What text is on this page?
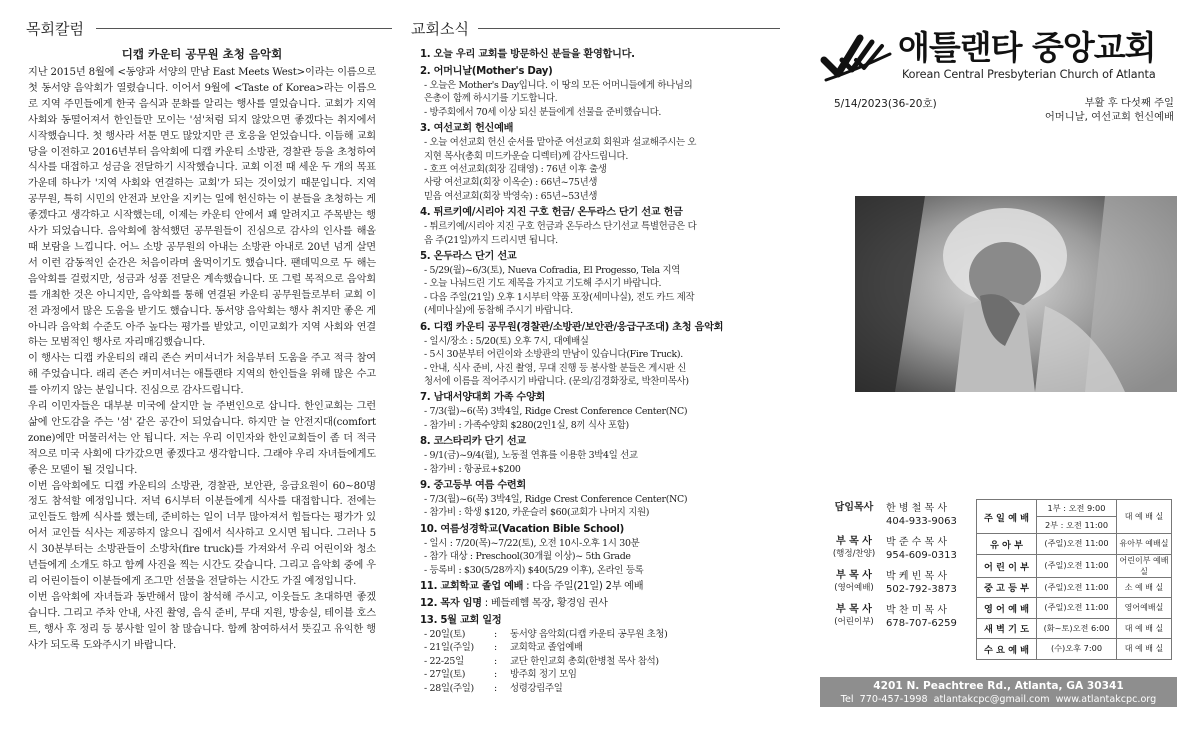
목회칼럼	교회소식
디캡 카운티 공무원 초청 음악회

지난 2015년 8월에 <동양과 서양의 만남 East Meets West>이라는 이름으로 첫 동서양 음악회가 열렸습니다. 이어서 9월에 <Taste of Korea>라는 이름으로 지역 주민들에게 한국 음식과 문화를 알리는 행사를 열었습니다. 교회가 지역 사회와 동떨어져서 한인들만 모이는 '섬'처럼 되지 않았으면 좋겠다는 취지에서 시작했습니다. 첫 행사라 서툰 면도 많았지만 큰 호응을 얻었습니다. 이듬해 교회당을 이전하고 2016년부터 음악회에 디캡 카운티 소방관, 경찰관 등을 초청하여 식사를 대접하고 성금을 전달하기 시작했습니다. 교회 이전 때 세운 두 개의 목표 가운데 하나가 '지역 사회와 연결하는 교회'가 되는 것이었기 때문입니다. 지역 공무원, 특히 시민의 안전과 보안을 지키는 일에 헌신하는 이 분들을 초청하는 게 좋겠다고 생각하고 시작했는데, 이제는 카운티 안에서 꽤 알려지고 주목받는 행사가 되었습니다. 음악회에 참석했던 공무원들이 진심으로 감사의 인사를 해올 때 보람을 느낍니다. 어느 소방 공무원의 아내는 소방관 아내로 20년 넘게 살면서 이런 감동적인 순간은 처음이라며 울먹이기도 했습니다. 팬데믹으로 두 해는 음악회를 걸렀지만, 성금과 성품 전달은 계속했습니다. 또 그럴 목적으로 음악회를 개최한 것은 아니지만, 음악회를 통해 연결된 카운티 공무원들로부터 교회 이전 과정에서 많은 도움을 받기도 했습니다. 동서양 음악회는 행사 취지만 좋은 게 아니라 음악회 수준도 아주 높다는 평가를 받았고, 이민교회가 지역 사회와 연결하는 모범적인 행사로 자리매김했습니다.

이 행사는 디캡 카운티의 래리 존슨 커미셔너가 처음부터 도움을 주고 적극 참여해 주었습니다. 래리 존슨 커미셔너는 애틀랜타 지역의 한인들을 위해 많은 수고를 아끼지 않는 분입니다. 진심으로 감사드립니다.

우리 이민자들은 대부분 미국에 살지만 늘 주변인으로 삽니다. 한인교회는 그런 삶에 안도감을 주는 '섬' 같은 공간이 되었습니다. 하지만 늘 안전지대(comfort zone)에만 머물러서는 안 됩니다. 저는 우리 이민자와 한인교회들이 좀 더 적극적으로 미국 사회에 다가갔으면 좋겠다고 생각합니다. 그래야 우리 자녀들에게도 좋은 모델이 될 것입니다.

이번 음악회에도 디캡 카운티의 소방관, 경찰관, 보안관, 응급요원이 60~80명 정도 참석할 예정입니다. 저녁 6시부터 이분들에게 식사를 대접합니다. 전에는 교인들도 함께 식사를 했는데, 준비하는 일이 너무 많아져서 힘들다는 평가가 있어서 교인들 식사는 제공하지 않으니 집에서 식사하고 오시면 됩니다. 그러나 5시 30분부터는 소방관들이 소방차(fire truck)를 가져와서 우리 어린이와 청소년들에게 소개도 하고 함께 사진을 찍는 시간도 갖습니다. 그리고 음악회 중에 우리 어린이들이 이분들에게 조그만 선물을 전달하는 시간도 가질 예정입니다.

이번 음악회에 자녀들과 동반해서 많이 참석해 주시고, 이웃들도 초대하면 좋겠습니다. 그리고 주차 안내, 사진 촬영, 음식 준비, 무대 지원, 방송실, 테이블 호스트, 행사 후 정리 등 봉사할 일이 참 많습니다. 함께 참여하셔서 뜻깊고 유익한 행사가 되도록 도와주시기 바랍니다.

1. 오늘 우리 교회를 방문하신 분들을 환영합니다.
2. 어머니날(Mother's Day)
- 오늘은 Mother's Day입니다. 이 땅의 모든 어머니들에게 하나님의
은총이 함께 하시기를 기도합니다.
- 방주회에서 70세 이상 되신 분들에게 선물을 준비했습니다.
3. 여선교회 헌신예배
- 오늘 여선교회 헌신 순서를 맡아준 여선교회 회원과 설교해주시는 오
지현 목사(총회 미드카운슬 디렉터)께 감사드립니다.
- 호프 여선교회(회장 김태영) : 76년 이후 출생
사랑 여선교회(회장 이옥순) : 66년~75년생
믿음 여선교회(회장 박영숙) : 65년~53년생
4. 튀르키예/시리아 지진 구호 헌금/ 온두라스 단기 선교 헌금
- 튀르키예/시리아 지진 구호 헌금과 온두라스 단기선교 특별헌금은 다
음 주(21일)까지 드리시면 됩니다.
5. 온두라스 단기 선교
- 5/29(월)~6/3(토), Nueva Cofradia, El Progesso, Tela 지역
- 오늘 나눠드린 기도 제목을 가지고 기도해 주시기 바랍니다.
- 다음 주일(21일) 오후 1시부터 약품 포장(세미나실), 전도 카드 제작
(세미나실)에 동참해 주시기 바랍니다.
6. 디캡 카운티 공무원(경찰관/소방관/보안관/응급구조대) 초청 음악회
- 일시/장소 : 5/20(토) 오후 7시, 대예배실
- 5시 30분부터 어린이와 소방관의 만남이 있습니다(Fire Truck).
- 안내, 식사 준비, 사진 촬영, 무대 진행 등 봉사할 분들은 게시판 신
청서에 이름을 적어주시기 바랍니다. (문의/김경화장로, 박찬미목사)
7. 남대서양대회 가족 수양회
- 7/3(월)~6(목) 3박4일, Ridge Crest Conference Center(NC)
- 참가비 : 가족수양회 $280(2인1실, 8끼 식사 포함)
8. 코스타리카 단기 선교
- 9/1(금)~9/4(월), 노동절 연휴를 이용한 3박4일 선교
- 참가비 : 항공료+$200
9. 중고등부 여름 수련회
- 7/3(월)~6(목) 3박4일, Ridge Crest Conference Center(NC)
- 참가비 : 학생 $120, 카운슬러 $60(교회가 나머지 지원)
10. 여름성경학교(Vacation Bible School)
- 일시 : 7/20(목)~7/22(토), 오전 10시-오후 1시 30분
- 참가 대상 : Preschool(30개월 이상)~ 5th Grade
- 등록비 : $30(5/28까지) $40(5/29 이후), 온라인 등록
11. 교회학교 졸업 예배 : 다음 주일(21일) 2부 예배
12. 목자 임명 : 베들레헴 목장, 황경임 권사
13. 5월 교회 일정
- 20일(토)	:	동서양 음악회(디캡 카운티 공무원 초청)
- 21일(주일)	:	교회학교 졸업예배
- 22-25일	:	교단 한인교회 총회(한병철 목사 참석)
- 27일(토)	:	방주회 정기 모임
- 28일(주일)	:	성령강림주일
애틀랜타 중앙교회
Korean Central Presbyterian Church of Atlanta
5/14/2023(36-20호)	부활 후 다섯째 주일
어머니날, 여선교회 헌신예배
담임목사	한 병 철 목 사
404-933-9063
부 목 사
(행정/찬양)
박 준 수 목 사
954-609-0313
부 목 사
(영어예배)
박 케 빈 목 사
502-792-3873
부 목 사
(어린이부)
박 찬 미 목 사
678-707-6259
주 일 예 배	1부 : 오전 9:00	대 예 배 실
	2부 : 오전 11:00	
유 아 부	(주일)오전 11:00	유아부 예배실
어 린 이 부	(주일)오전 11:00	어린이부 예배실
중 고 등 부	(주일)오전 11:00	소 예 배 실
영 어 예 배	(주일)오전 11:00	영어예배실
새 벽 기 도	(화~토)오전 6:00	대 예 배 실
수 요 예 배	(수)오후 7:00	대 예 배 실
4201 N. Peachtree Rd., Atlanta, GA 30341
Tel 770-457-1998 atlantakcpc@gmail.com www.atlantakcpc.org
